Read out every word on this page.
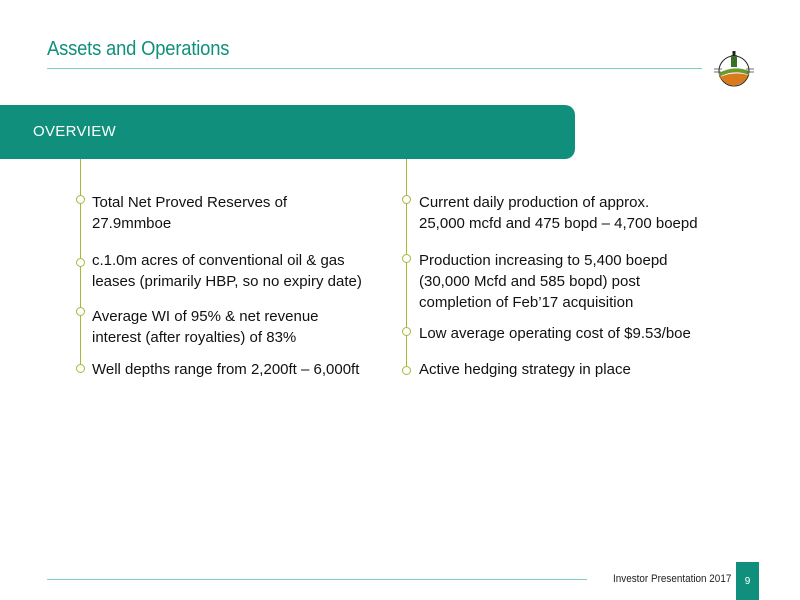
Assets and Operations
OVERVIEW
Total Net Proved Reserves of
27.9mmboe
c.1.0m acres of conventional oil & gas
leases (primarily HBP, so no expiry date)
Average WI of 95% & net revenue
interest (after royalties) of 83%
Well depths range from 2,200ft – 6,000ft
Current daily production of approx.
25,000 mcfd and 475 bopd – 4,700 boepd
Production increasing to 5,400 boepd
(30,000 Mcfd and 585 bopd) post
completion of Feb’17 acquisition
Low average operating cost of $9.53/boe
Active hedging strategy in place
Investor Presentation 2017 9
